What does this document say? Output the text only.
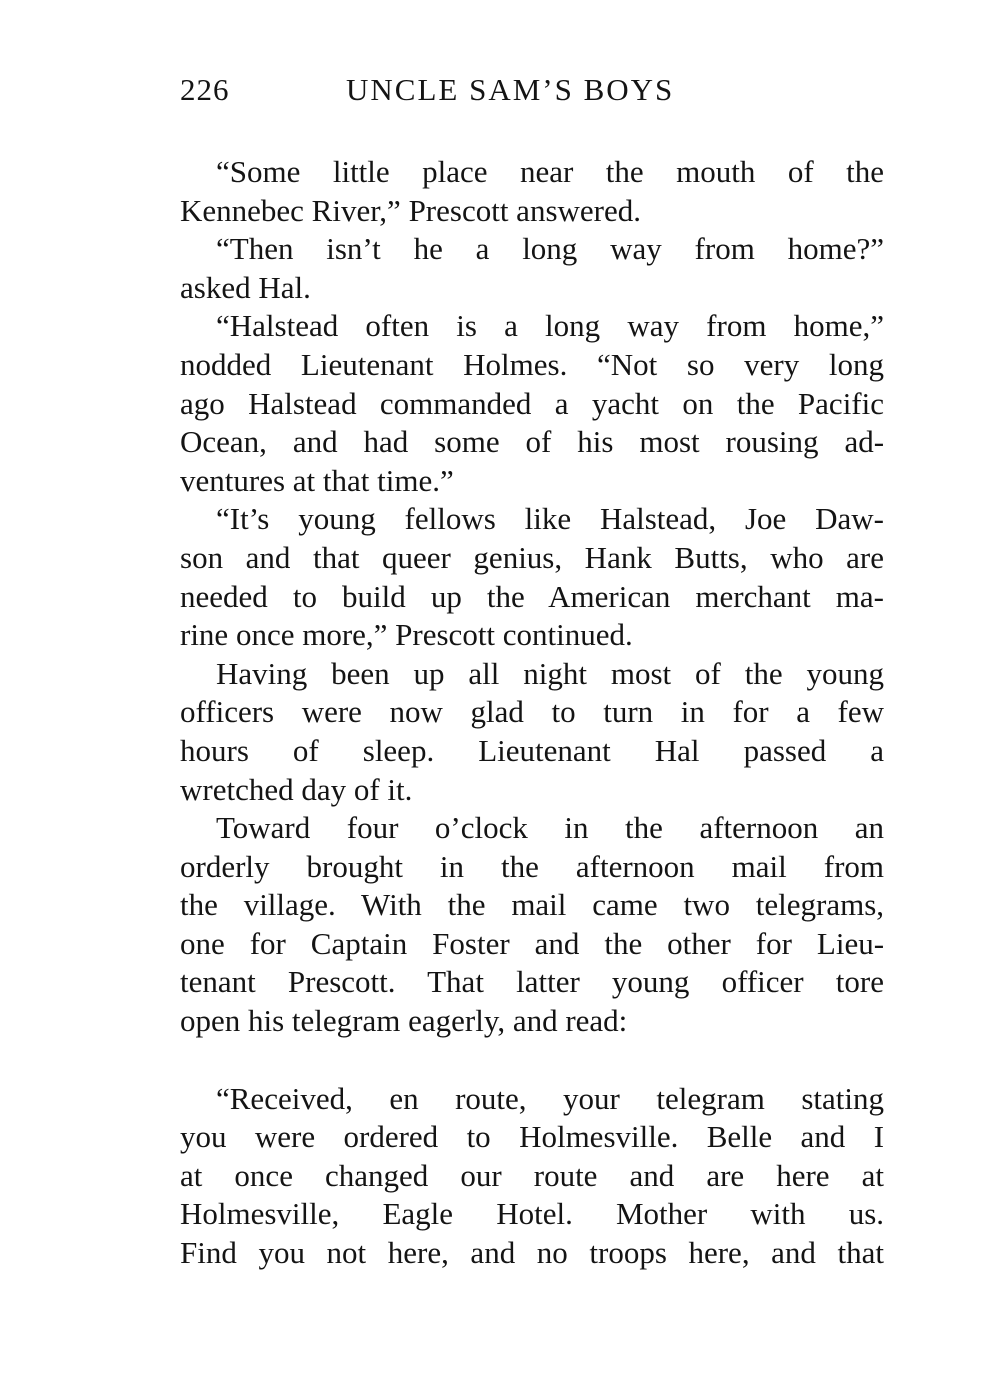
226	UNCLE SAM’S BOYS

“Some little place near the mouth of the
Kennebec River,” Prescott answered.

“Then isn’t he a long way from home?”
asked Hal.

“Halstead often is a long way from home,”
nodded Lieutenant Holmes. “Not so very long
ago Halstead commanded a yacht on the Pacific
Ocean, and had some of his most rousing ad-
ventures at that time.”

“It’s young fellows like Halstead, Joe Daw-
son and that queer genius, Hank Butts, who are
needed to build up the American merchant ma-
rine once more,” Prescott continued.

Having been up all night most of the young
officers were now glad to turn in for a few
hours of sleep. Lieutenant Hal passed a
wretched day of it.

Toward four o’clock in the afternoon an
orderly brought in the afternoon mail from
the village. With the mail came two telegrams,
one for Captain Foster and the other for Lieu-
tenant Prescott. That latter young officer tore
open his telegram eagerly, and read:

“Received, en route, your telegram stating
you were ordered to Holmesville. Belle and I
at once changed our route and are here at
Holmesville, Eagle Hotel. Mother with us.
Find you not here, and no troops here, and that
